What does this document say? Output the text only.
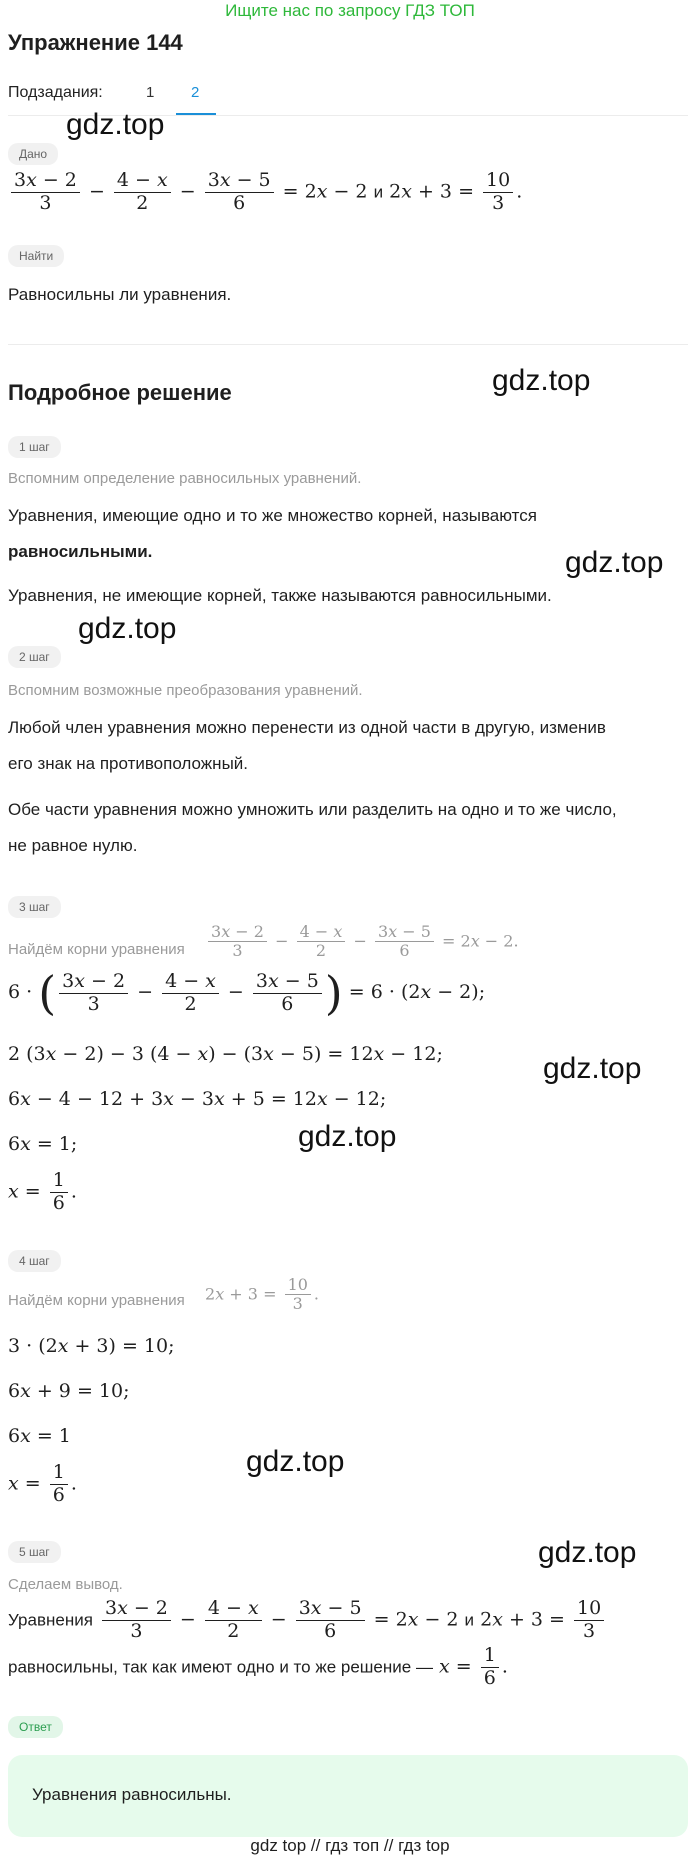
Ищите нас по запросу ГДЗ ТОП
Упражнение 144
Подзадания:	1 2
gdz.top
gdz.top
gdz.top
gdz.top
gdz.top
gdz.top
gdz.top
gdz.top
Дано
$\frac{3x - 2}{3} - \frac{4 - x}{2} - \frac{3x - 5}{6} = 2x - 2$ и $2x + 3 = \frac{10}{3}$ .
Найти
Равносильны ли уравнения.
Подробное решение
1 шаг
Вспомним определение равносильных уравнений.
Уравнения, имеющие одно и то же множество корней, называются
равносильными.
Уравнения, не имеющие корней, также называются равносильными.
2 шаг
Вспомним возможные преобразования уравнений.
Любой член уравнения можно перенести из одной части в другую, изменив
его знак на противоположный.
Обе части уравнения можно умножить или разделить на одно и то же число,
не равное нулю.
3 шаг
Найдём корни уравнения $\frac{3x - 2}{3} - \frac{4 - x}{2} - \frac{3x - 5}{6} = 2x - 2$.
6 · ( $\frac{3x - 2}{3} - \frac{4 - x}{2} - \frac{3x - 5}{6}$ ) = 6 · (2x − 2);
2 (3x − 2) − 3 (4 − x) − (3x − 5) = 12x − 12;
6x − 4 − 12 + 3x − 3x + 5 = 12x − 12;
6x = 1;
$x = \frac{1}{6}$ .
4 шаг
Найдём корни уравнения $2x + 3 = \frac{10}{3}$ .
3 · (2x + 3) = 10;
6x + 9 = 10;
6x = 1
$x = \frac{1}{6}$ .
5 шаг
Сделаем вывод.
Уравнения $\frac{3x - 2}{3} - \frac{4 - x}{2} - \frac{3x - 5}{6} = 2x - 2$ и $2x + 3 = \frac{10}{3}$
равносильны, так как имеют одно и то же решение — $x = \frac{1}{6}$ .
Ответ
Уравнения равносильны.
gdz top // гдз топ // гдз top
